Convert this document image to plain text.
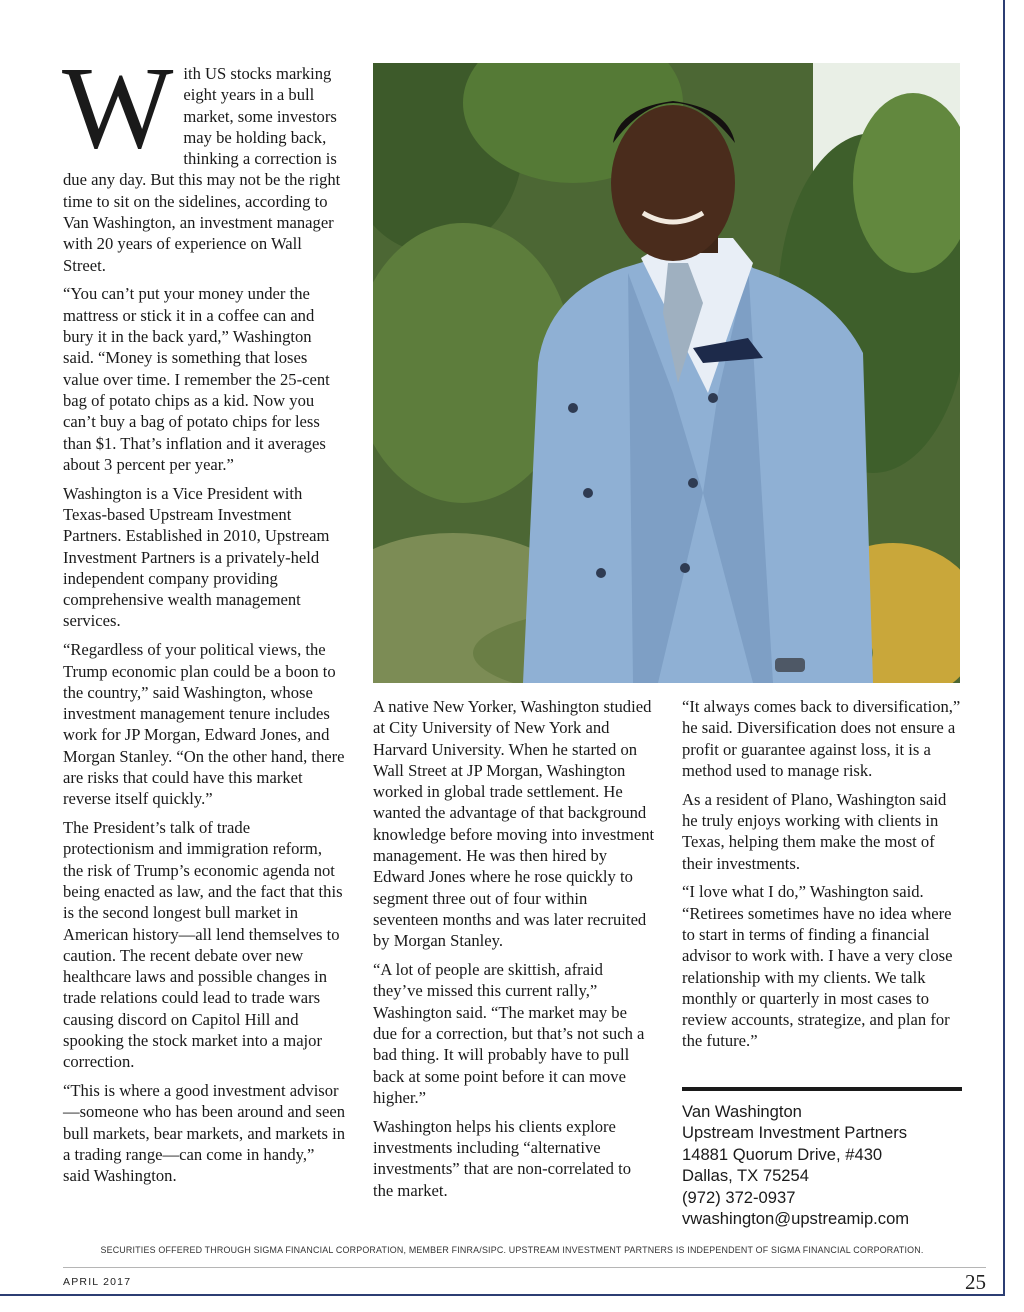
With US stocks marking eight years in a bull market, some investors may be holding back, thinking a correction is due any day. But this may not be the right time to sit on the sidelines, according to Van Washington, an investment manager with 20 years of experience on Wall Street.

“You can’t put your money under the mattress or stick it in a coffee can and bury it in the back yard,” Washington said. “Money is something that loses value over time. I remember the 25-cent bag of potato chips as a kid. Now you can’t buy a bag of potato chips for less than $1. That’s inflation and it averages about 3 percent per year.”

Washington is a Vice President with Texas-based Upstream Investment Partners. Established in 2010, Upstream Investment Partners is a privately-held independent company providing comprehensive wealth management services.

“Regardless of your political views, the Trump economic plan could be a boon to the country,” said Washington, whose investment management tenure includes work for JP Morgan, Edward Jones, and Morgan Stanley. “On the other hand, there are risks that could have this market reverse itself quickly.”

The President’s talk of trade protectionism and immigration reform, the risk of Trump’s economic agenda not being enacted as law, and the fact that this is the second longest bull market in American history—all lend themselves to caution. The recent debate over new healthcare laws and possible changes in trade relations could lead to trade wars causing discord on Capitol Hill and spooking the stock market into a major correction.

“This is where a good investment advisor—someone who has been around and seen bull markets, bear markets, and markets in a trading range—can come in handy,” said Washington.

A native New Yorker, Washington studied at City University of New York and Harvard University. When he started on Wall Street at JP Morgan, Washington worked in global trade settlement. He wanted the advantage of that background knowledge before moving into investment management. He was then hired by Edward Jones where he rose quickly to segment three out of four within seventeen months and was later recruited by Morgan Stanley.

“A lot of people are skittish, afraid they’ve missed this current rally,” Washington said. “The market may be due for a correction, but that’s not such a bad thing. It will probably have to pull back at some point before it can move higher.”

Washington helps his clients explore investments including “alternative investments” that are non-correlated to the market.

“It always comes back to diversification,” he said. Diversification does not ensure a profit or guarantee against loss, it is a method used to manage risk.

As a resident of Plano, Washington said he truly enjoys working with clients in Texas, helping them make the most of their investments.

“I love what I do,” Washington said. “Retirees sometimes have no idea where to start in terms of finding a financial advisor to work with. I have a very close relationship with my clients. We talk monthly or quarterly in most cases to review accounts, strategize, and plan for the future.”

Van Washington
Upstream Investment Partners
14881 Quorum Drive, #430
Dallas, TX 75254
(972) 372-0937
vwashington@upstreamip.com
SECURITIES OFFERED THROUGH SIGMA FINANCIAL CORPORATION, MEMBER FINRA/SIPC. UPSTREAM INVESTMENT PARTNERS IS INDEPENDENT OF SIGMA FINANCIAL CORPORATION.
APRIL 2017	25
